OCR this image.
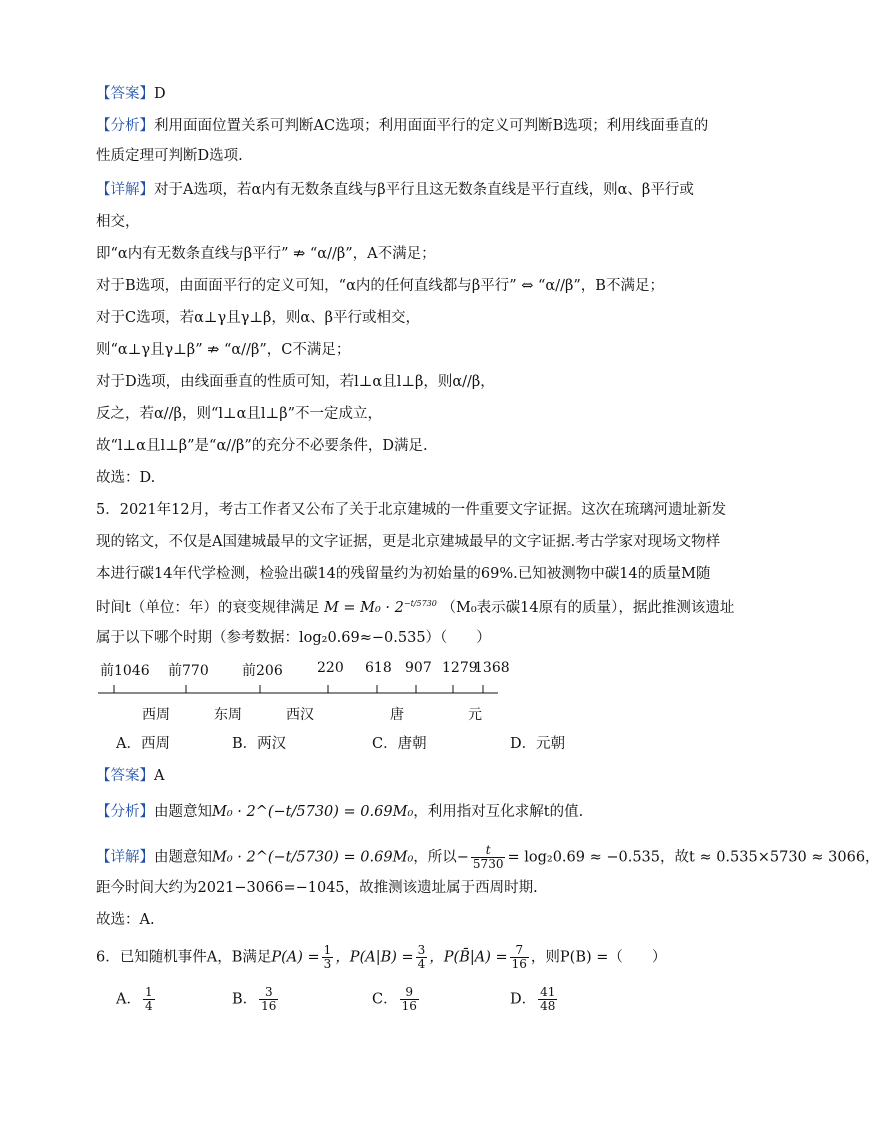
【答案】D
【分析】利用面面位置关系可判断AC选项；利用面面平行的定义可判断B选项；利用线面垂直的
性质定理可判断D选项.
【详解】对于A选项，若α内有无数条直线与β平行且这无数条直线是平行直线，则α、β平行或
相交，
即“α内有无数条直线与β平行” ⇏ “α//β”，A不满足；
对于B选项，由面面平行的定义可知，“α内的任何直线都与β平行” ⇔ “α//β”，B不满足；
对于C选项，若α⊥γ且γ⊥β，则α、β平行或相交，
则“α⊥γ且γ⊥β” ⇏ “α//β”，C不满足；
对于D选项，由线面垂直的性质可知，若l⊥α且l⊥β，则α//β，
反之，若α//β，则“l⊥α且l⊥β”不一定成立，
故“l⊥α且l⊥β”是“α//β”的充分不必要条件，D满足.
故选：D.
5．2021年12月，考古工作者又公布了关于北京建城的一件重要文字证据。这次在琉璃河遗址新发
现的铭文，不仅是A国建城最早的文字证据，更是北京建城最早的文字证据.考古学家对现场文物样
本进行碳14年代学检测，检验出碳14的残留量约为初始量的69%.已知被测物中碳14的质量M随
时间t（单位：年）的衰变规律满足 $M = M_0 \cdot 2^{-t/5730}$ （M₀表示碳14原有的质量），据此推测该遗址
属于以下哪个时期（参考数据：log₂0.69≈−0.535）（　　）
前1046 前770 前206 220 618 907 1279
1368
西周	东周	西汉	唐	元
A．西周	B．两汉	C．唐朝	D．元朝
【答案】A
【分析】由题意知M₀ · 2^(−t/5730) = 0.69M₀，利用指对互化求解t的值.
【详解】由题意知M₀ · 2^(−t/5730) = 0.69M₀，所以− $\frac{t}{5730} = \log_20.69 \approx -0.535$，故t ≈ 0.535×5730 ≈ 3066，
距今时间大约为2021−3066=−1045，故推测该遗址属于西周时期.
故选：A.
6．已知随机事件A，B满足$P(A) = \frac{1}{3}$ ，$P(A|B) = \frac{3}{4}$ ，P(B̄|A) = $\frac{7}{16}$ ，则P(B) =（　　）
A． $\frac{1}{4}$	B． $\frac{3}{16}$	C． $\frac{9}{16}$	D． $\frac{41}{48}$
